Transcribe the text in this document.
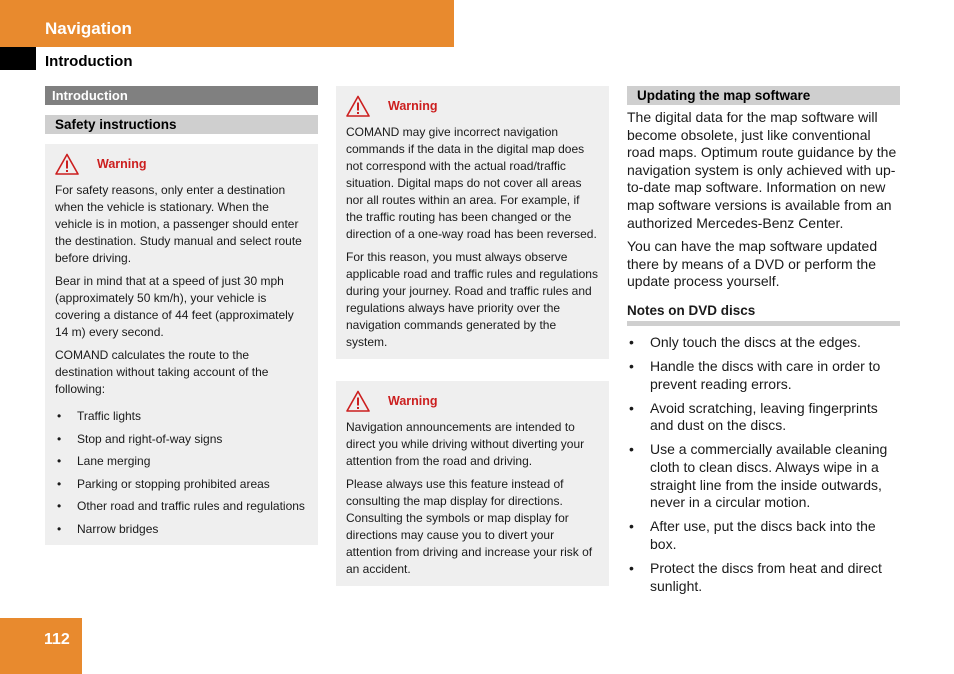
Navigation
Introduction
Introduction
Safety instructions
Warning

For safety reasons, only enter a destination when the vehicle is stationary. When the vehicle is in motion, a passenger should enter the destination. Study manual and select route before driving.

Bear in mind that at a speed of just 30 mph (approximately 50 km/h), your vehicle is covering a distance of 44 feet (approximately 14 m) every second.

COMAND calculates the route to the destination without taking account of the following:

• Traffic lights
• Stop and right-of-way signs
• Lane merging
• Parking or stopping prohibited areas
• Other road and traffic rules and regulations
• Narrow bridges
Warning

COMAND may give incorrect navigation commands if the data in the digital map does not correspond with the actual road/traffic situation. Digital maps do not cover all areas nor all routes within an area. For example, if the traffic routing has been changed or the direction of a one-way road has been reversed.

For this reason, you must always observe applicable road and traffic rules and regulations during your journey. Road and traffic rules and regulations always have priority over the navigation commands generated by the system.

Warning

Navigation announcements are intended to direct you while driving without diverting your attention from the road and driving.

Please always use this feature instead of consulting the map display for directions. Consulting the symbols or map display for directions may cause you to divert your attention from driving and increase your risk of an accident.

Updating the map software

The digital data for the map software will become obsolete, just like conventional road maps. Optimum route guidance by the navigation system is only achieved with up-to-date map software. Information on new map software versions is available from an authorized Mercedes-Benz Center.

You can have the map software updated there by means of a DVD or perform the update process yourself.

Notes on DVD discs
• Only touch the discs at the edges.
• Handle the discs with care in order to prevent reading errors.
• Avoid scratching, leaving fingerprints and dust on the discs.
• Use a commercially available cleaning cloth to clean discs. Always wipe in a straight line from the inside outwards, never in a circular motion.
• After use, put the discs back into the box.
• Protect the discs from heat and direct sunlight.
112
